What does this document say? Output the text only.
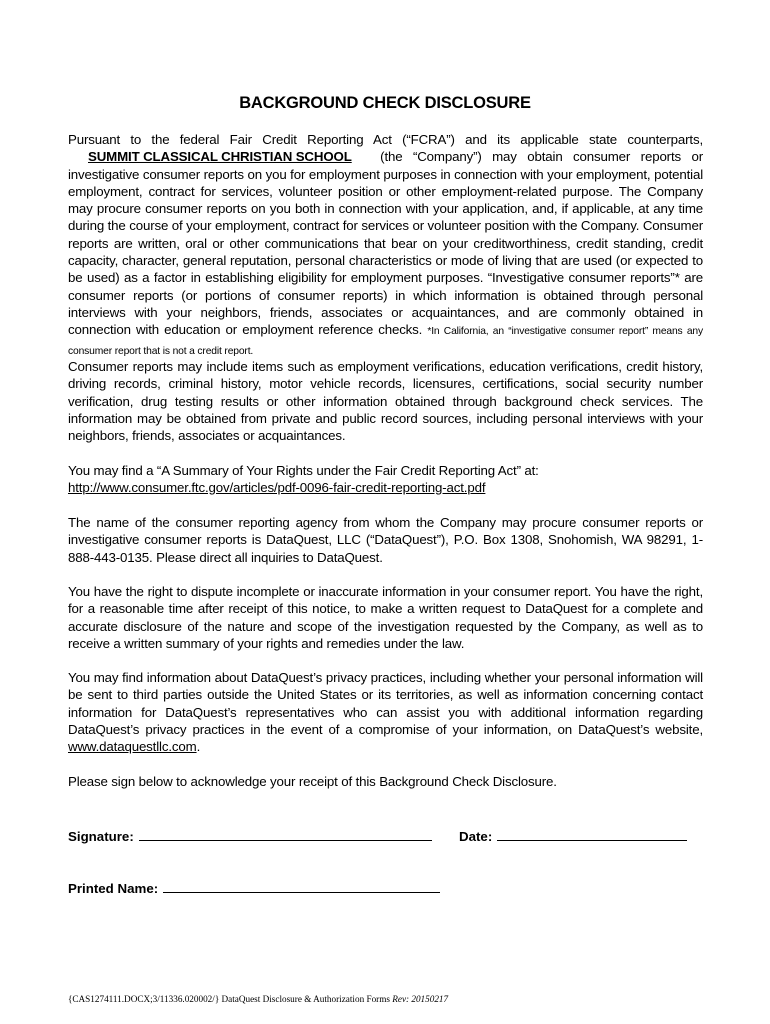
BACKGROUND CHECK DISCLOSURE
Pursuant to the federal Fair Credit Reporting Act (“FCRA”) and its applicable state counterparts, SUMMIT CLASSICAL CHRISTIAN SCHOOL (the “Company”) may obtain consumer reports or investigative consumer reports on you for employment purposes in connection with your employment, potential employment, contract for services, volunteer position or other employment-related purpose. The Company may procure consumer reports on you both in connection with your application, and, if applicable, at any time during the course of your employment, contract for services or volunteer position with the Company. Consumer reports are written, oral or other communications that bear on your creditworthiness, credit standing, credit capacity, character, general reputation, personal characteristics or mode of living that are used (or expected to be used) as a factor in establishing eligibility for employment purposes. “Investigative consumer reports”* are consumer reports (or portions of consumer reports) in which information is obtained through personal interviews with your neighbors, friends, associates or acquaintances, and are commonly obtained in connection with education or employment reference checks. *In California, an “investigative consumer report” means any consumer report that is not a credit report.
Consumer reports may include items such as employment verifications, education verifications, credit history, driving records, criminal history, motor vehicle records, licensures, certifications, social security number verification, drug testing results or other information obtained through background check services. The information may be obtained from private and public record sources, including personal interviews with your neighbors, friends, associates or acquaintances.
You may find a “A Summary of Your Rights under the Fair Credit Reporting Act” at:
http://www.consumer.ftc.gov/articles/pdf-0096-fair-credit-reporting-act.pdf
The name of the consumer reporting agency from whom the Company may procure consumer reports or investigative consumer reports is DataQuest, LLC (“DataQuest”), P.O. Box 1308, Snohomish, WA 98291, 1-888-443-0135. Please direct all inquiries to DataQuest.
You have the right to dispute incomplete or inaccurate information in your consumer report. You have the right, for a reasonable time after receipt of this notice, to make a written request to DataQuest for a complete and accurate disclosure of the nature and scope of the investigation requested by the Company, as well as to receive a written summary of your rights and remedies under the law.
You may find information about DataQuest’s privacy practices, including whether your personal information will be sent to third parties outside the United States or its territories, as well as information concerning contact information for DataQuest’s representatives who can assist you with additional information regarding DataQuest’s privacy practices in the event of a compromise of your information, on DataQuest’s website, www.dataquestllc.com.
Please sign below to acknowledge your receipt of this Background Check Disclosure.
Signature:	Date:
Printed Name:
{CAS1274111.DOCX;3/11336.020002/} DataQuest Disclosure & Authorization Forms Rev: 20150217
